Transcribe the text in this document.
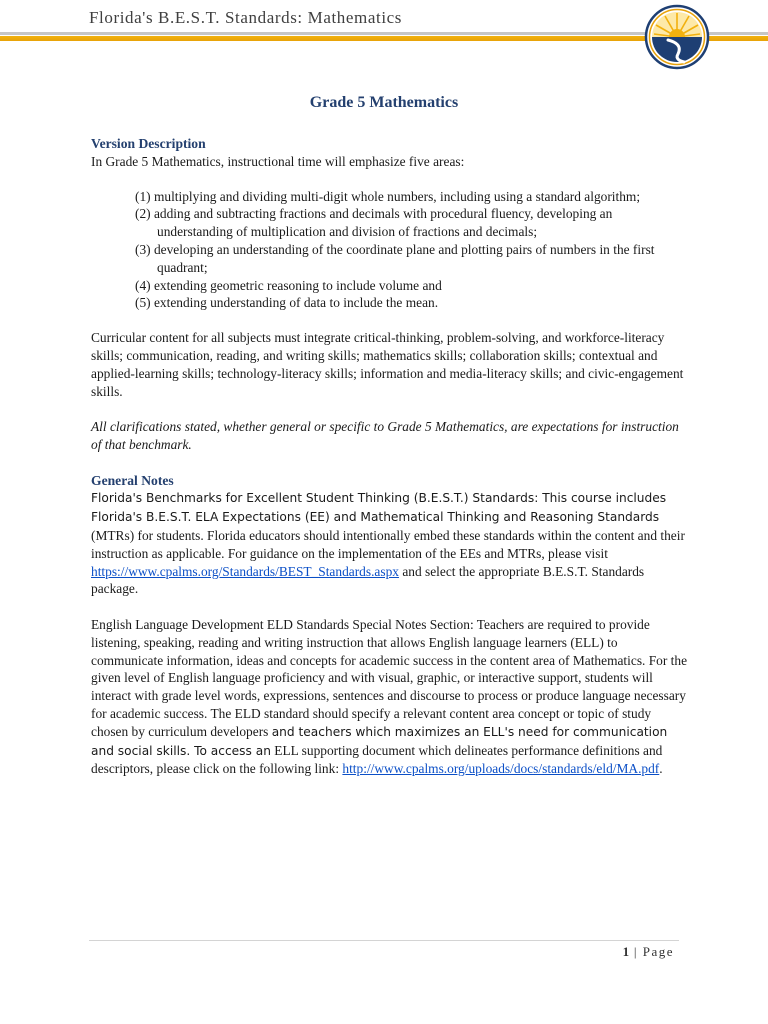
Florida's B.E.S.T. Standards: Mathematics
Grade 5 Mathematics

Version Description

In Grade 5 Mathematics, instructional time will emphasize five areas:

(1) multiplying and dividing multi-digit whole numbers, including using a standard algorithm;
(2) adding and subtracting fractions and decimals with procedural fluency, developing an understanding of multiplication and division of fractions and decimals;
(3) developing an understanding of the coordinate plane and plotting pairs of numbers in the first quadrant;
(4) extending geometric reasoning to include volume and
(5) extending understanding of data to include the mean.

Curricular content for all subjects must integrate critical-thinking, problem-solving, and workforce-literacy skills; communication, reading, and writing skills; mathematics skills; collaboration skills; contextual and applied-learning skills; technology-literacy skills; information and media-literacy skills; and civic-engagement skills.

All clarifications stated, whether general or specific to Grade 5 Mathematics, are expectations for instruction of that benchmark.

General Notes

Florida's Benchmarks for Excellent Student Thinking (B.E.S.T.) Standards: This course includes Florida's B.E.S.T. ELA Expectations (EE) and Mathematical Thinking and Reasoning Standards (MTRs) for students. Florida educators should intentionally embed these standards within the content and their instruction as applicable. For guidance on the implementation of the EEs and MTRs, please visit https://www.cpalms.org/Standards/BEST_Standards.aspx and select the appropriate B.E.S.T. Standards package.

English Language Development ELD Standards Special Notes Section: Teachers are required to provide listening, speaking, reading and writing instruction that allows English language learners (ELL) to communicate information, ideas and concepts for academic success in the content area of Mathematics. For the given level of English language proficiency and with visual, graphic, or interactive support, students will interact with grade level words, expressions, sentences and discourse to process or produce language necessary for academic success. The ELD standard should specify a relevant content area concept or topic of study chosen by curriculum developers and teachers which maximizes an ELL's need for communication and social skills. To access an ELL supporting document which delineates performance definitions and descriptors, please click on the following link: http://www.cpalms.org/uploads/docs/standards/eld/MA.pdf.

1 | Page
